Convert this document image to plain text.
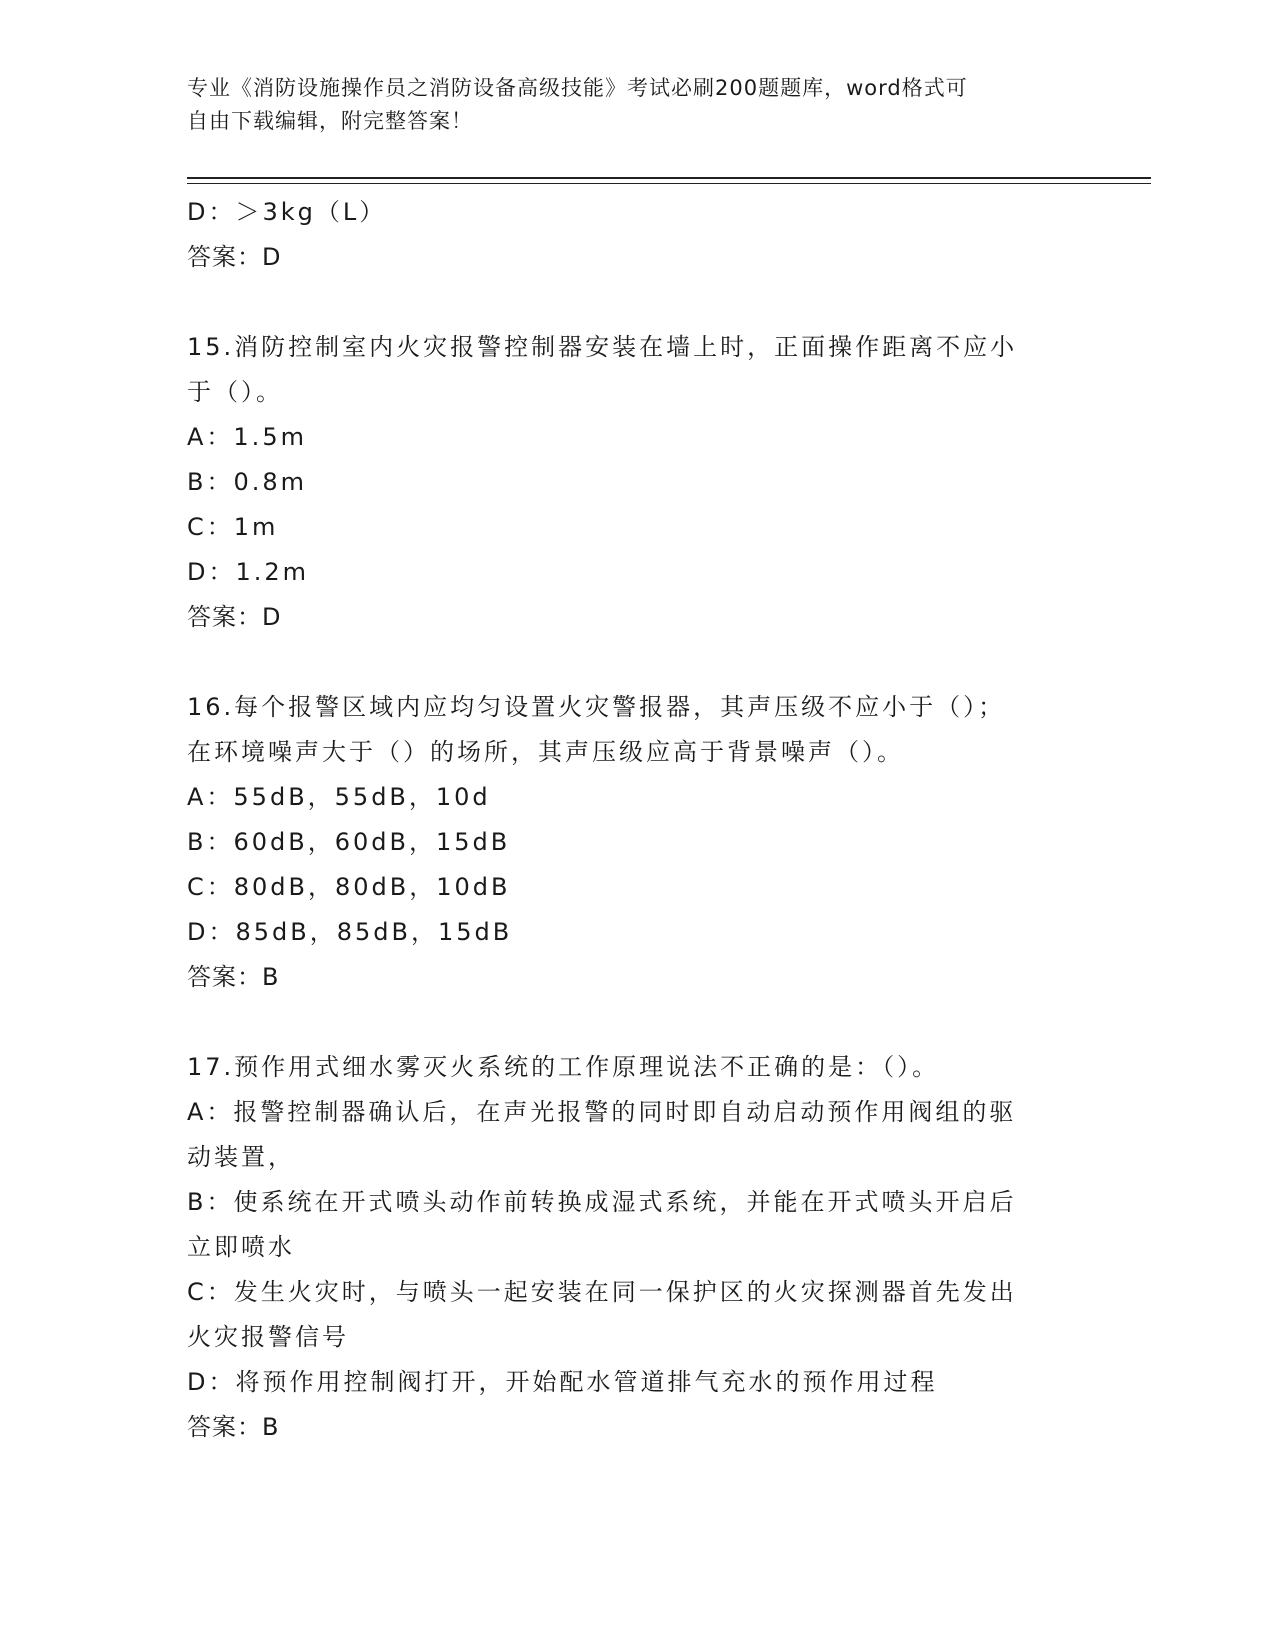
专业《消防设施操作员之消防设备高级技能》考试必刷200题题库，word格式可
自由下载编辑，附完整答案！
D：＞3kg（L）
答案：D
15.消防控制室内火灾报警控制器安装在墙上时，正面操作距离不应小
于（）。
A：1.5m
B：0.8m
C：1m
D：1.2m
答案：D
16.每个报警区域内应均匀设置火灾警报器，其声压级不应小于（）；
在环境噪声大于（）的场所，其声压级应高于背景噪声（）。
A：55dB，55dB，10d
B：60dB，60dB，15dB
C：80dB，80dB，10dB
D：85dB，85dB，15dB
答案：B
17.预作用式细水雾灭火系统的工作原理说法不正确的是：（）。
A：报警控制器确认后，在声光报警的同时即自动启动预作用阀组的驱
动装置，
B：使系统在开式喷头动作前转换成湿式系统，并能在开式喷头开启后
立即喷水
C：发生火灾时，与喷头一起安装在同一保护区的火灾探测器首先发出
火灾报警信号
D：将预作用控制阀打开，开始配水管道排气充水的预作用过程
答案：B
